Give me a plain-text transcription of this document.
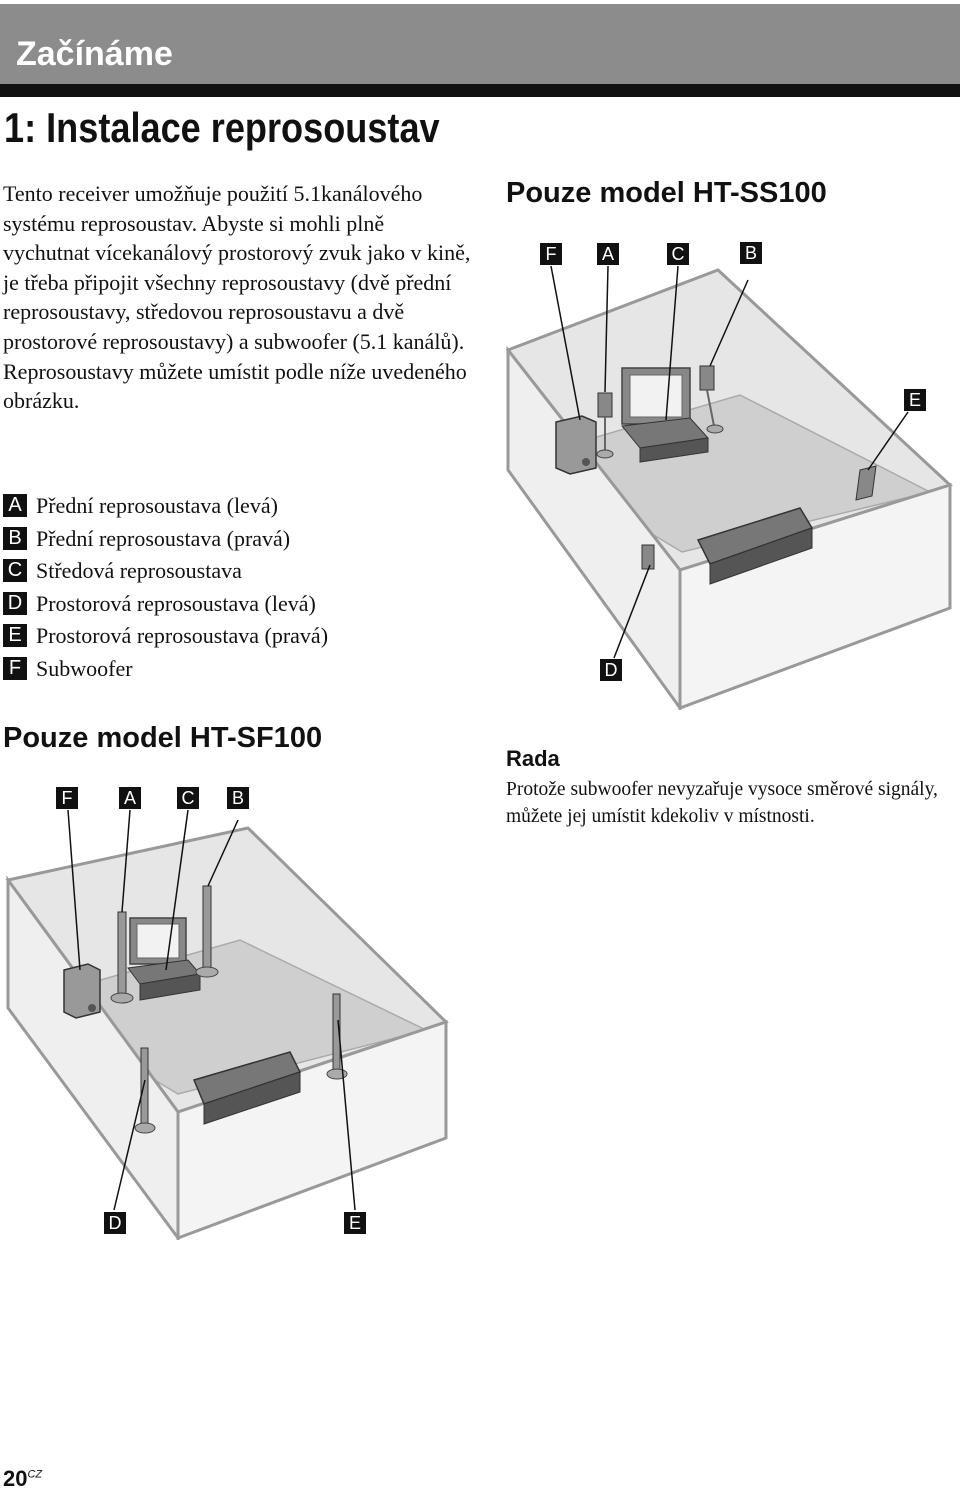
Začínáme
1: Instalace reprosoustav
Tento receiver umožňuje použití 5.1kanálového systému reprosoustav. Abyste si mohli plně vychutnat vícekanálový prostorový zvuk jako v kině, je třeba připojit všechny reprosoustavy (dvě přední reprosoustavy, středovou reprosoustavu a dvě prostorové reprosoustavy) a subwoofer (5.1 kanálů).
Reprosoustavy můžete umístit podle níže uvedeného obrázku.
A Přední reprosoustava (levá)
B Přední reprosoustava (pravá)
C Středová reprosoustava
D Prostorová reprosoustava (levá)
E Prostorová reprosoustava (pravá)
F Subwoofer
Pouze model HT-SS100
F	A	C	B
E
D
Pouze model HT-SF100
F	A	C B
D	E
Rada

Protože subwoofer nevyzařuje vysoce směrové signály, můžete jej umístit kdekoliv v místnosti.

$20^{CZ}$
